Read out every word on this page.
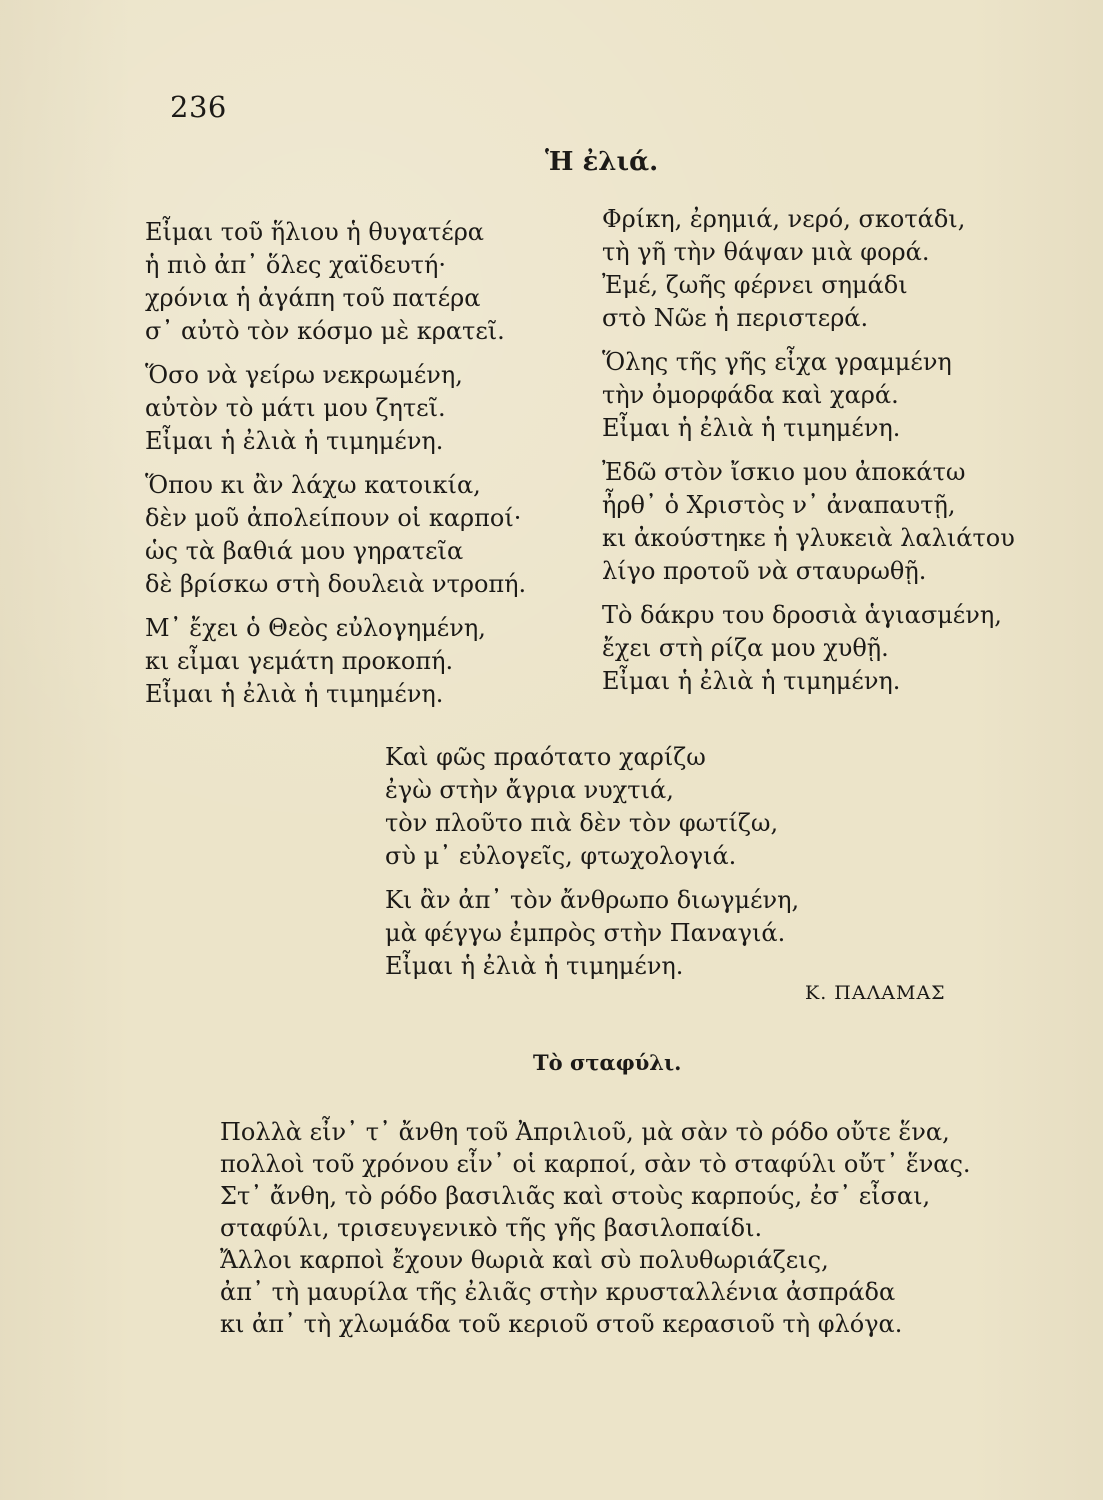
236
Ἡ ἐλιά.
Εἶμαι τοῦ ἥλιου ἡ θυγατέρα
ἡ πιὸ ἀπ᾽ ὅλες χαϊδευτή·
χρόνια ἡ ἀγάπη τοῦ πατέρα
σ᾽ αὐτὸ τὸν κόσμο μὲ κρατεῖ.
Ὅσο νὰ γείρω νεκρωμένη,
αὐτὸν τὸ μάτι μου ζητεῖ.
Εἶμαι ἡ ἐλιὰ ἡ τιμημένη.
Ὅπου κι ἂν λάχω κατοικία,
δὲν μοῦ ἀπολείπουν οἱ καρποί·
ὡς τὰ βαθιά μου γηρατεῖα
δὲ βρίσκω στὴ δουλειὰ ντροπή.
Μ᾽ ἔχει ὁ Θεὸς εὐλογημένη,
κι εἶμαι γεμάτη προκοπή.
Εἶμαι ἡ ἐλιὰ ἡ τιμημένη.
Φρίκη, ἐρημιά, νερό, σκοτάδι,
τὴ γῆ τὴν θάψαν μιὰ φορά.
Ἐμέ, ζωῆς φέρνει σημάδι
στὸ Νῶε ἡ περιστερά.
Ὅλης τῆς γῆς εἶχα γραμμένη
τὴν ὀμορφάδα καὶ χαρά.
Εἶμαι ἡ ἐλιὰ ἡ τιμημένη.
Ἐδῶ στὸν ἴσκιο μου ἀποκάτω
ἦρθ᾽ ὁ Χριστὸς ν᾽ ἀναπαυτῇ,
κι ἀκούστηκε ἡ γλυκειὰ λαλιάτου
λίγο προτοῦ νὰ σταυρωθῇ.
Τὸ δάκρυ του δροσιὰ ἁγιασμένη,
ἔχει στὴ ρίζα μου χυθῇ.
Εἶμαι ἡ ἐλιὰ ἡ τιμημένη.
Καὶ φῶς πραότατο χαρίζω
ἐγὼ στὴν ἄγρια νυχτιά,
τὸν πλοῦτο πιὰ δὲν τὸν φωτίζω,
σὺ μ᾽ εὐλογεῖς, φτωχολογιά.
Κι ἂν ἀπ᾽ τὸν ἄνθρωπο διωγμένη,
μὰ φέγγω ἐμπρὸς στὴν Παναγιά.
Εἶμαι ἡ ἐλιὰ ἡ τιμημένη.
Κ. ΠΑΛΑΜΑΣ
Τὸ σταφύλι.
Πολλὰ εἶν᾽ τ᾽ ἄνθη τοῦ Ἀπριλιοῦ, μὰ σὰν τὸ ρόδο οὔτε ἕνα,
πολλοὶ τοῦ χρόνου εἶν᾽ οἱ καρποί, σὰν τὸ σταφύλι οὔτ᾽ ἕνας.
Στ᾽ ἄνθη, τὸ ρόδο βασιλιᾶς καὶ στοὺς καρπούς, ἐσ᾽ εἶσαι,
σταφύλι, τρισευγενικὸ τῆς γῆς βασιλοπαίδι.
Ἄλλοι καρποὶ ἔχουν θωριὰ καὶ σὺ πολυθωριάζεις,
ἀπ᾽ τὴ μαυρίλα τῆς ἐλιᾶς στὴν κρυσταλλένια ἀσπράδα
κι ἀπ᾽ τὴ χλωμάδα τοῦ κεριοῦ στοῦ κερασιοῦ τὴ φλόγα.
